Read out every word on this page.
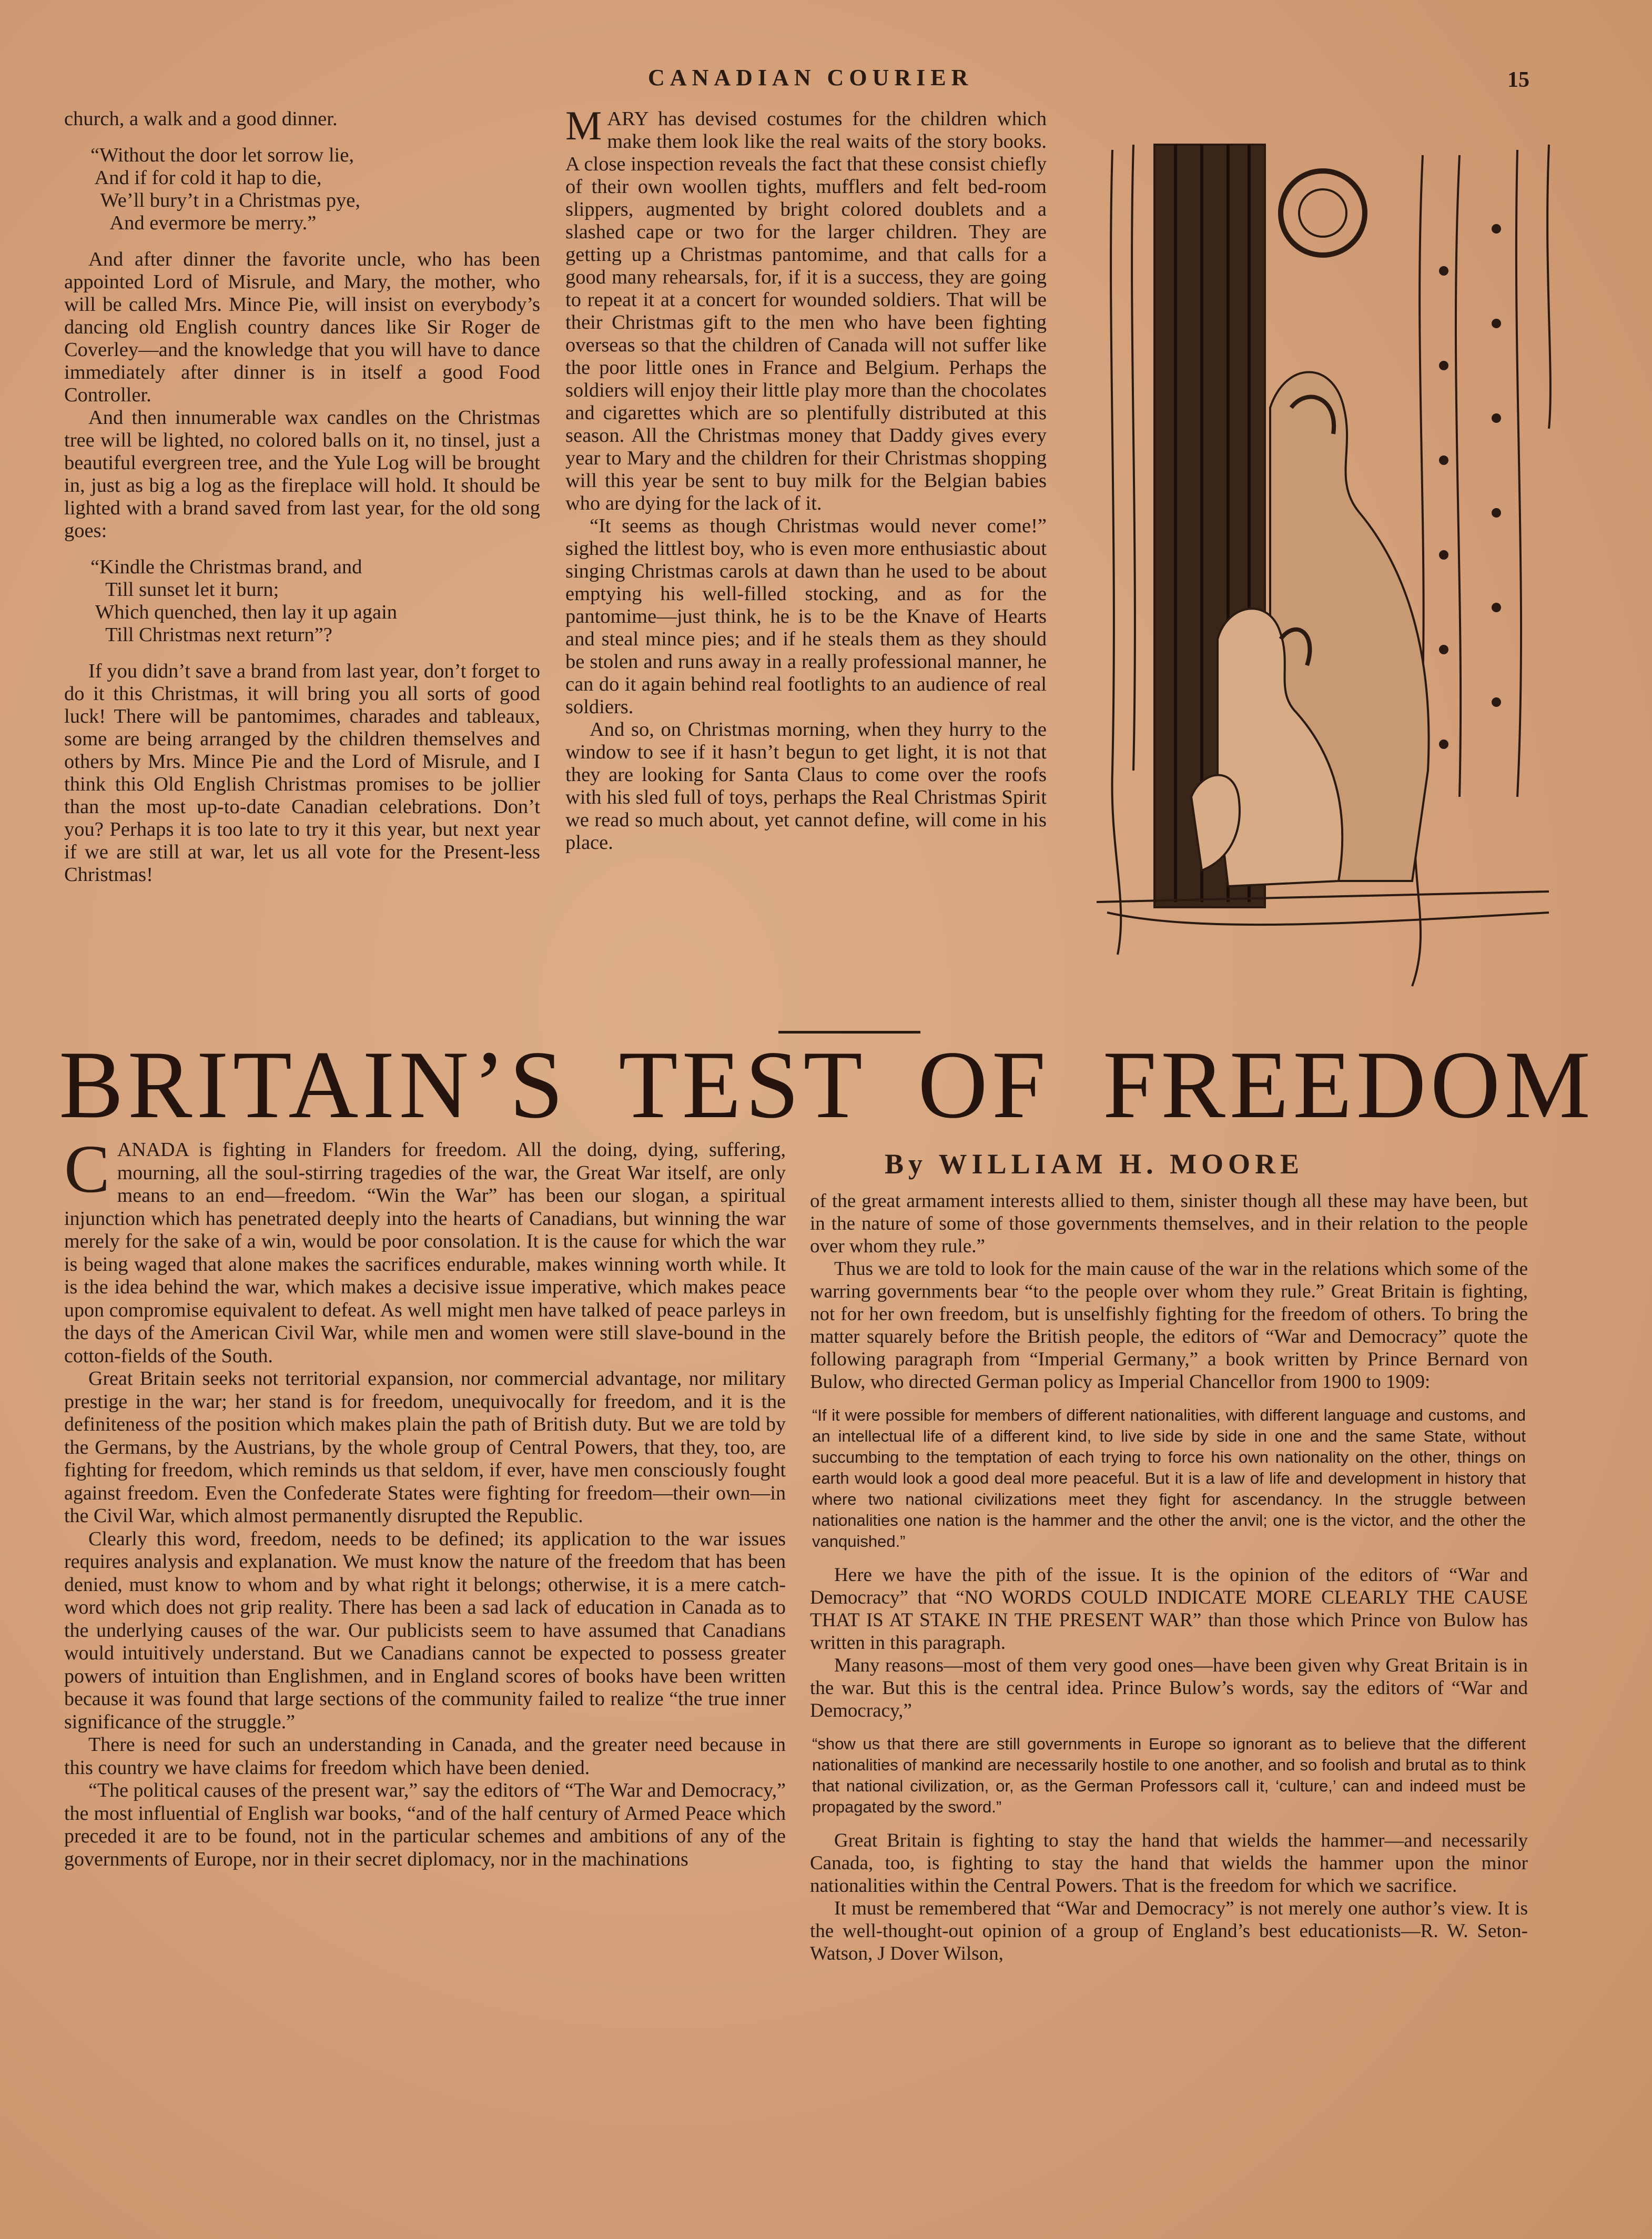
CANADIAN COURIER	15

church, a walk and a good dinner.

“Without the door let sorrow lie,
And if for cold it hap to die,
We’ll bury’t in a Christmas pye,
And evermore be merry.”

And after dinner the favorite uncle, who has been appointed Lord of Misrule, and Mary, the mother, who will be called Mrs. Mince Pie, will insist on everybody’s dancing old English country dances like Sir Roger de Coverley—and the knowledge that you will have to dance immediately after dinner is in itself a good Food Controller.

And then innumerable wax candles on the Christmas tree will be lighted, no colored balls on it, no tinsel, just a beautiful evergreen tree, and the Yule Log will be brought in, just as big a log as the fireplace will hold. It should be lighted with a brand saved from last year, for the old song goes:

“Kindle the Christmas brand, and
Till sunset let it burn;
Which quenched, then lay it up again
Till Christmas next return”?

If you didn’t save a brand from last year, don’t forget to do it this Christmas, it will bring you all sorts of good luck! There will be pantomimes, charades and tableaux, some are being arranged by the children themselves and others by Mrs. Mince Pie and the Lord of Misrule, and I think this Old English Christmas promises to be jollier than the most up-to-date Canadian celebrations. Don’t you? Perhaps it is too late to try it this year, but next year if we are still at war, let us all vote for the Present-less Christmas!

MARY has devised costumes for the children which make them look like the real waits of the story books. A close inspection reveals the fact that these consist chiefly of their own woollen tights, mufflers and felt bed-room slippers, augmented by bright colored doublets and a slashed cape or two for the larger children. They are getting up a Christmas pantomime, and that calls for a good many rehearsals, for, if it is a success, they are going to repeat it at a concert for wounded soldiers. That will be their Christmas gift to the men who have been fighting overseas so that the children of Canada will not suffer like the poor little ones in France and Belgium. Perhaps the soldiers will enjoy their little play more than the chocolates and cigarettes which are so plentifully distributed at this season. All the Christmas money that Daddy gives every year to Mary and the children for their Christmas shopping will this year be sent to buy milk for the Belgian babies who are dying for the lack of it.

“It seems as though Christmas would never come!” sighed the littlest boy, who is even more enthusiastic about singing Christmas carols at dawn than he used to be about emptying his well-filled stocking, and as for the pantomime—just think, he is to be the Knave of Hearts and steal mince pies; and if he steals them as they should be stolen and runs away in a really professional manner, he can do it again behind real footlights to an audience of real soldiers.

And so, on Christmas morning, when they hurry to the window to see if it hasn’t begun to get light, it is not that they are looking for Santa Claus to come over the roofs with his sled full of toys, perhaps the Real Christmas Spirit we read so much about, yet cannot define, will come in his place.

BRITAIN’S TEST OF FREEDOM
By WILLIAM H. MOORE

CANADA is fighting in Flanders for freedom. All the doing, dying, suffering, mourning, all the soul-stirring tragedies of the war, the Great War itself, are only means to an end—freedom. “Win the War” has been our slogan, a spiritual injunction which has penetrated deeply into the hearts of Canadians, but winning the war merely for the sake of a win, would be poor consolation. It is the cause for which the war is being waged that alone makes the sacrifices endurable, makes winning worth while. It is the idea behind the war, which makes a decisive issue imperative, which makes peace upon compromise equivalent to defeat. As well might men have talked of peace parleys in the days of the American Civil War, while men and women were still slave-bound in the cotton-fields of the South.

Great Britain seeks not territorial expansion, nor commercial advantage, nor military prestige in the war; her stand is for freedom, unequivocally for freedom, and it is the definiteness of the position which makes plain the path of British duty. But we are told by the Germans, by the Austrians, by the whole group of Central Powers, that they, too, are fighting for freedom, which reminds us that seldom, if ever, have men consciously fought against freedom. Even the Confederate States were fighting for freedom—their own—in the Civil War, which almost permanently disrupted the Republic.

Clearly this word, freedom, needs to be defined; its application to the war issues requires analysis and explanation. We must know the nature of the freedom that has been denied, must know to whom and by what right it belongs; otherwise, it is a mere catch-word which does not grip reality. There has been a sad lack of education in Canada as to the underlying causes of the war. Our publicists seem to have assumed that Canadians would intuitively understand. But we Canadians cannot be expected to possess greater powers of intuition than Englishmen, and in England scores of books have been written because it was found that large sections of the community failed to realize “the true inner significance of the struggle.”

There is need for such an understanding in Canada, and the greater need because in this country we have claims for freedom which have been denied.

“The political causes of the present war,” say the editors of “The War and Democracy,” the most influential of English war books, “and of the half century of Armed Peace which preceded it are to be found, not in the particular schemes and ambitions of any of the governments of Europe, nor in their secret diplomacy, nor in the machinations

of the great armament interests allied to them, sinister though all these may have been, but in the nature of some of those governments themselves, and in their relation to the people over whom they rule.”

Thus we are told to look for the main cause of the war in the relations which some of the warring governments bear “to the people over whom they rule.” Great Britain is fighting, not for her own freedom, but is unselfishly fighting for the freedom of others. To bring the matter squarely before the British people, the editors of “War and Democracy” quote the following paragraph from “Imperial Germany,” a book written by Prince Bernard von Bulow, who directed German policy as Imperial Chancellor from 1900 to 1909:

“If it were possible for members of different nationalities, with different language and customs, and an intellectual life of a different kind, to live side by side in one and the same State, without succumbing to the temptation of each trying to force his own nationality on the other, things on earth would look a good deal more peaceful. But it is a law of life and development in history that where two national civilizations meet they fight for ascendancy. In the struggle between nationalities one nation is the hammer and the other the anvil; one is the victor, and the other the vanquished.”

Here we have the pith of the issue. It is the opinion of the editors of “War and Democracy” that “NO WORDS COULD INDICATE MORE CLEARLY THE CAUSE THAT IS AT STAKE IN THE PRESENT WAR” than those which Prince von Bulow has written in this paragraph.

Many reasons—most of them very good ones—have been given why Great Britain is in the war. But this is the central idea. Prince Bulow’s words, say the editors of “War and Democracy,”

“show us that there are still governments in Europe so ignorant as to believe that the different nationalities of mankind are necessarily hostile to one another, and so foolish and brutal as to think that national civilization, or, as the German Professors call it, ‘culture,’ can and indeed must be propagated by the sword.”

Great Britain is fighting to stay the hand that wields the hammer—and necessarily Canada, too, is fighting to stay the hand that wields the hammer upon the minor nationalities within the Central Powers. That is the freedom for which we sacrifice.

It must be remembered that “War and Democracy” is not merely one author’s view. It is the well-thought-out opinion of a group of England’s best educationists—R. W. Seton-Watson, J Dover Wilson,
